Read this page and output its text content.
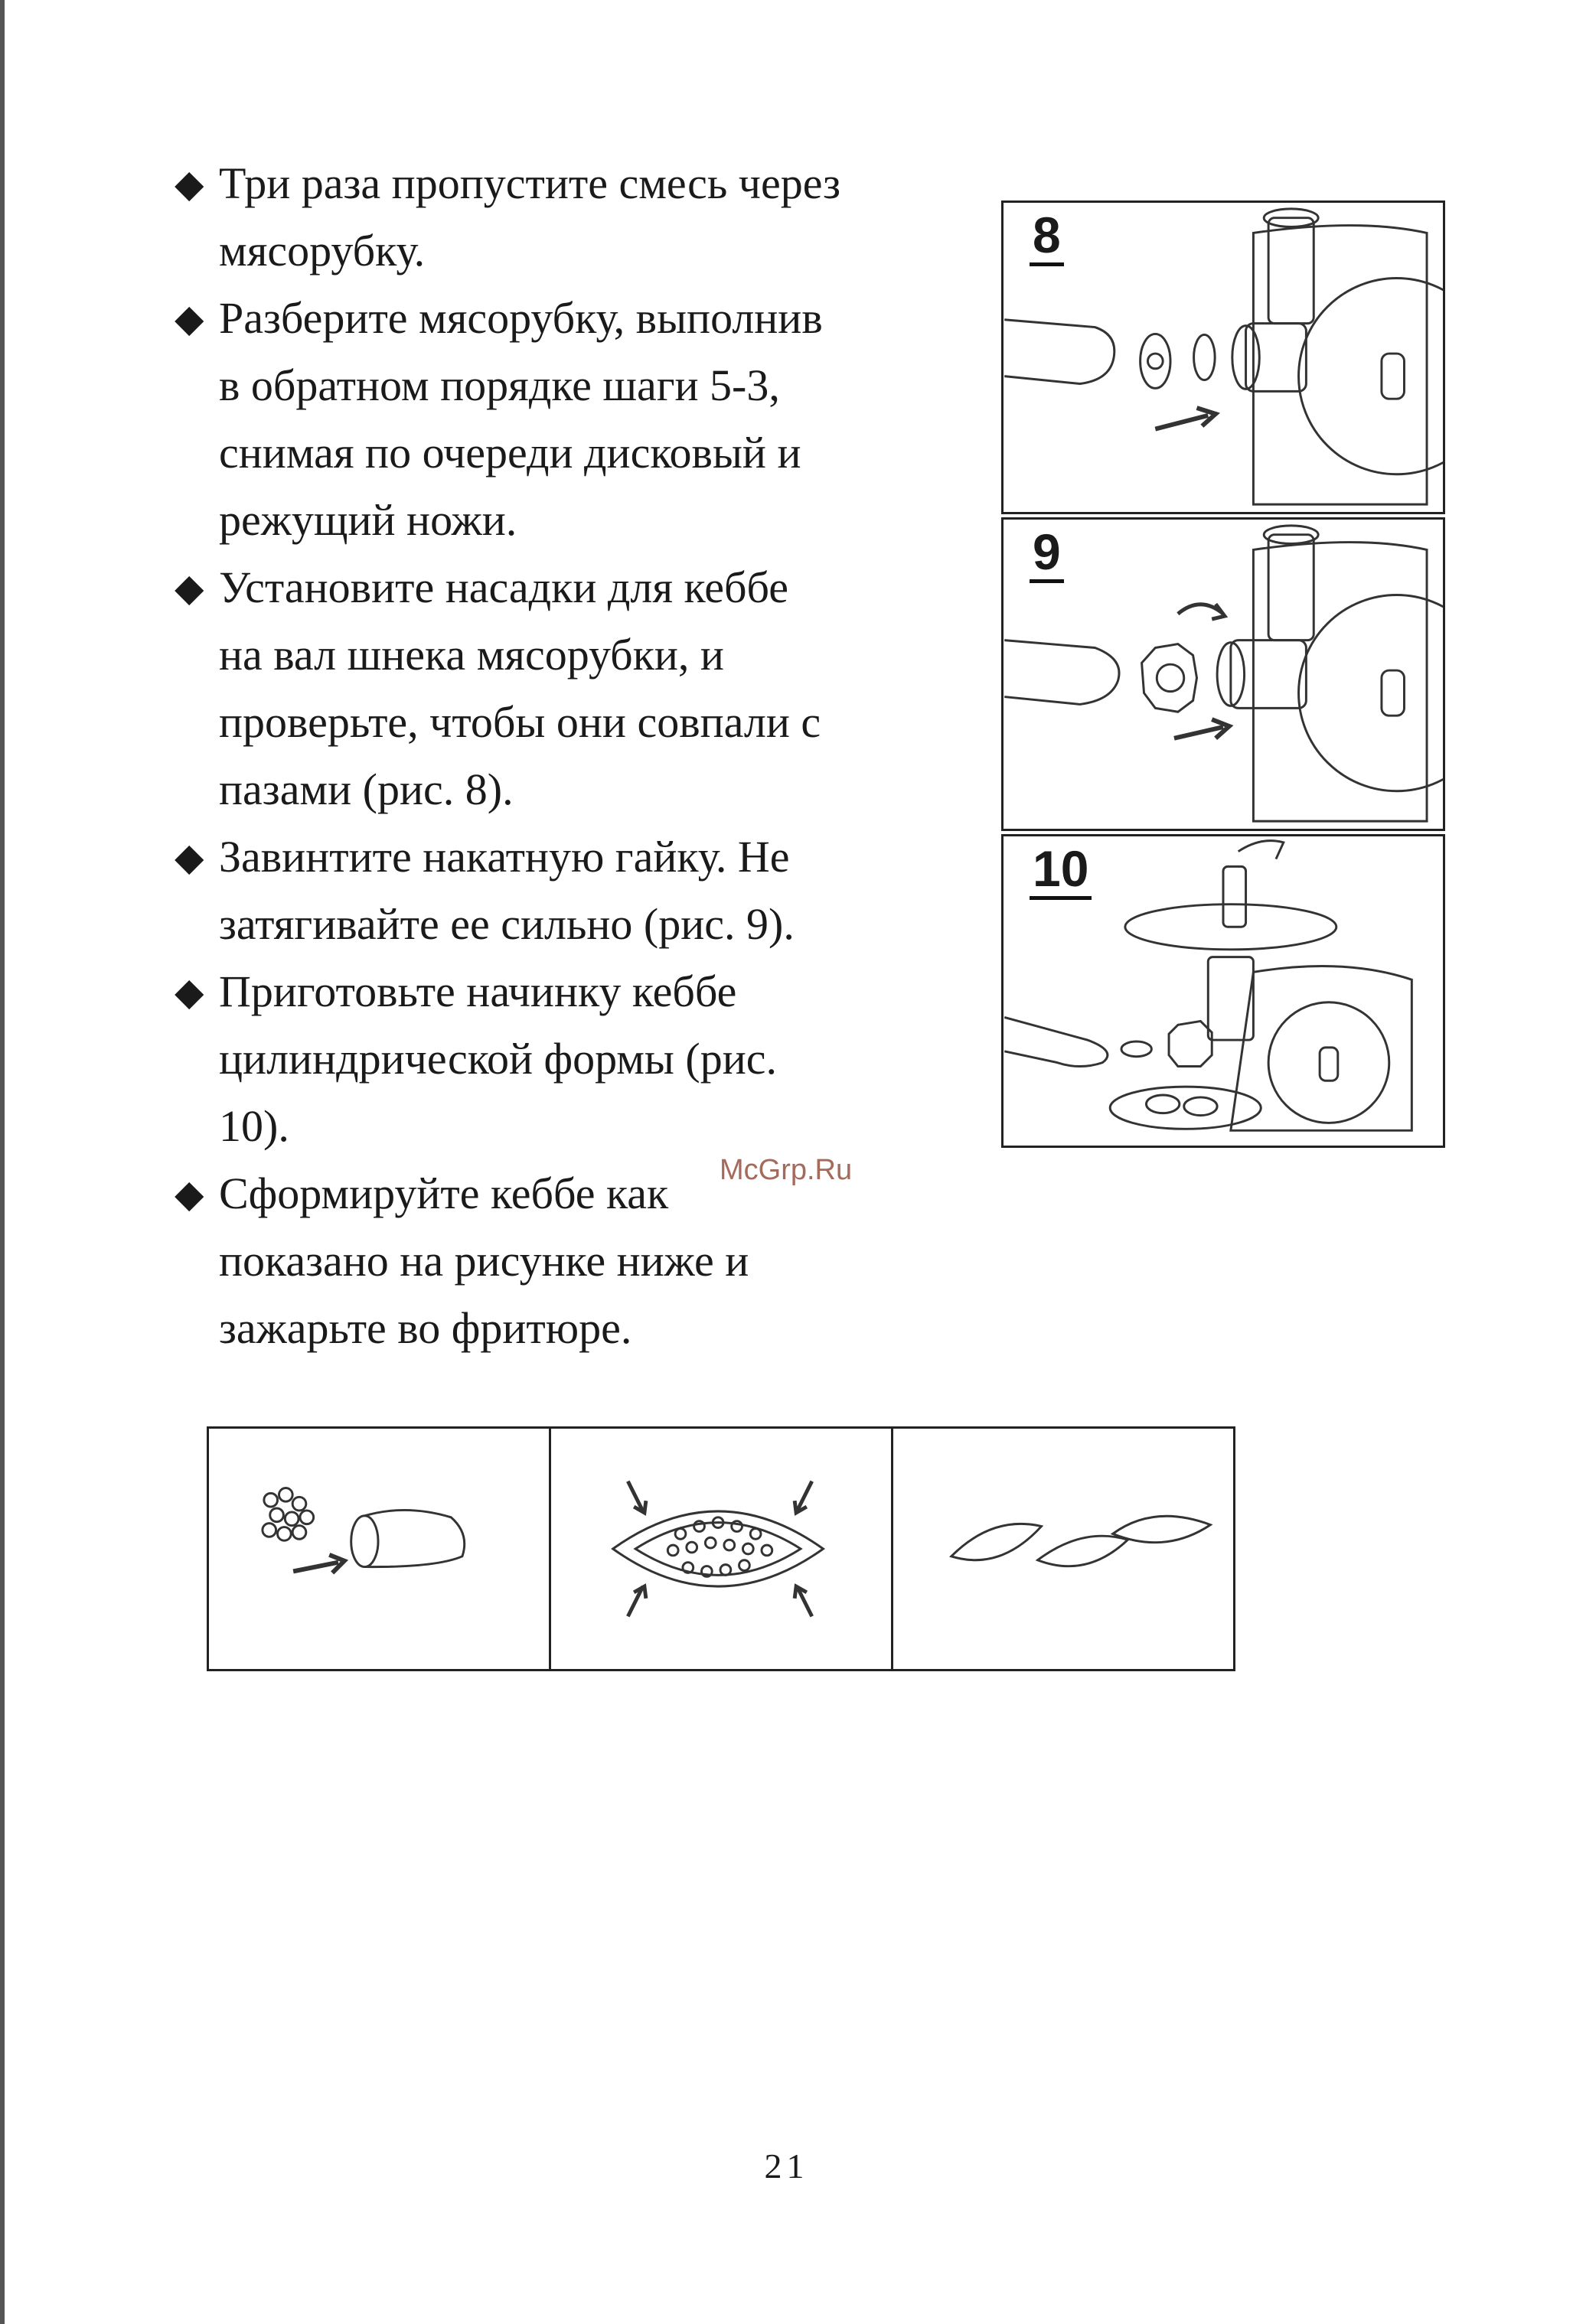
◆ Три раза пропустите смесь через
мясорубку.
◆ Разберите мясорубку, выполнив
в обратном порядке шаги 5-3,
снимая по очереди дисковый и
режущий ножи.
◆ Установите насадки для кеббе
на вал шнека мясорубки, и
проверьте, чтобы они совпали с
пазами (рис. 8).
◆ Завинтите накатную гайку. Не
затягивайте ее сильно (рис. 9).
◆ Приготовьте начинку кеббе
цилиндрической формы (рис.
10).
◆ Сформируйте кеббе как
показано на рисунке ниже и
зажарьте во фритюре.
8
9
10
McGrp.Ru
21
